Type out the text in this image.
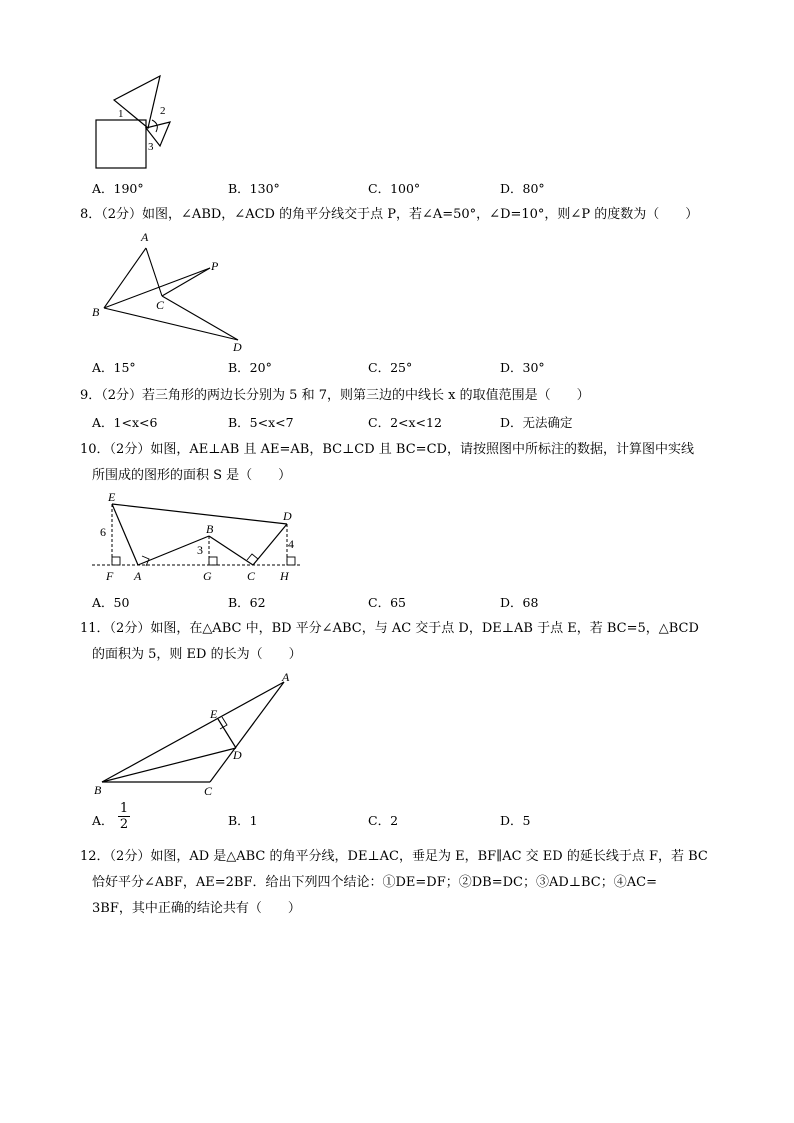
1	2
3
A．190°	B．130°	C．100°	D．80°
8．（2分）如图，∠ABD，∠ACD 的角平分线交于点 P，若∠A=50°，∠D=10°，则∠P 的度数为（　　）
A
P
B	C
D
A．15°	B．20°	C．25°	D．30°
9．（2分）若三角形的两边长分别为 5 和 7，则第三边的中线长 x 的取值范围是（　　）
A．1<x<6	B．5<x<7	C．2<x<12	D．无法确定
10．（2分）如图，AE⊥AB 且 AE=AB，BC⊥CD 且 BC=CD，请按照图中所标注的数据，计算图中实线
所围成的图形的面积 S 是（　　）
E
D
B
6
3	4
F A	G	C H
A．50	B．62	C．65	D．68
11．（2分）如图，在△ABC 中，BD 平分∠ABC，与 AC 交于点 D，DE⊥AB 于点 E，若 BC=5，△BCD
的面积为 5，则 ED 的长为（　　）
A
E
D
B	C
A．
1
2	B．1	C．2	D．5
12．（2分）如图，AD 是△ABC 的角平分线，DE⊥AC，垂足为 E，BF∥AC 交 ED 的延长线于点 F，若 BC
恰好平分∠ABF，AE=2BF．给出下列四个结论：①DE=DF；②DB=DC；③AD⊥BC；④AC=
3BF，其中正确的结论共有（　　）
